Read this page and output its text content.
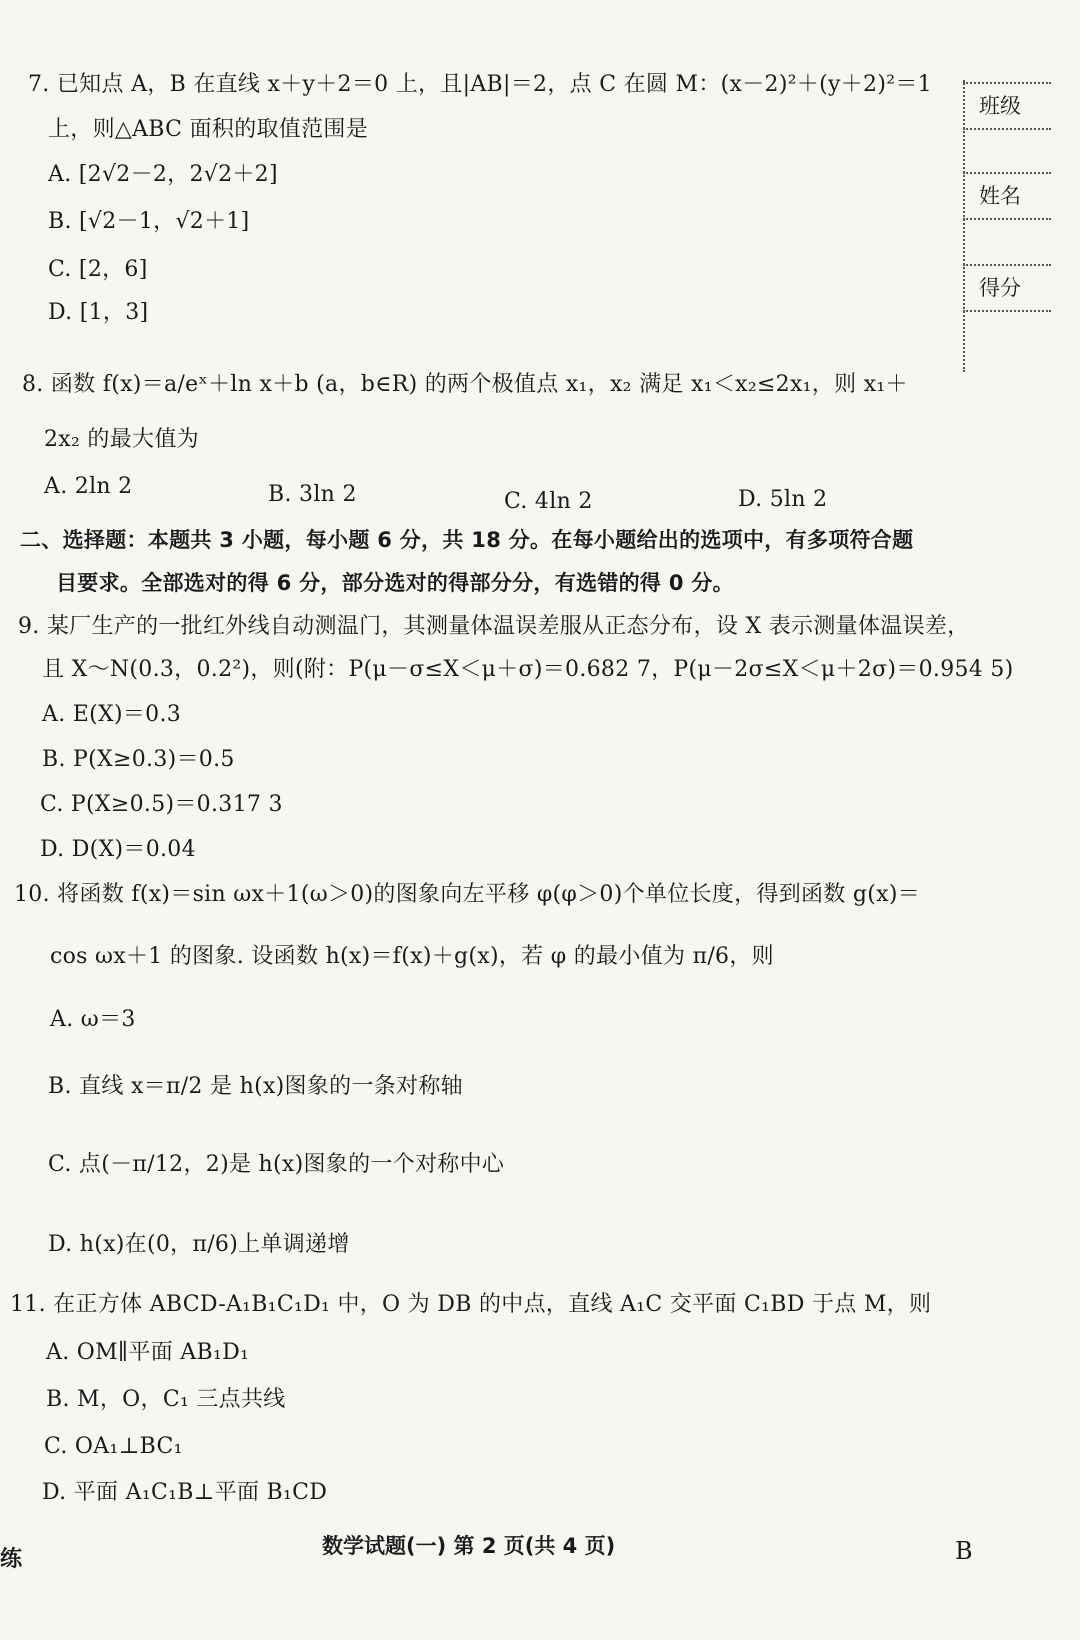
班级
姓名
得分
7. 已知点 A，B 在直线 x＋y＋2＝0 上，且|AB|＝2，点 C 在圆 M：(x－2)²＋(y＋2)²＝1
上，则△ABC 面积的取值范围是
A. [2√2－2，2√2＋2]
B. [√2－1，√2＋1]
C. [2，6]
D. [1，3]
8. 函数 f(x)＝a/eˣ＋ln x＋b (a，b∈R) 的两个极值点 x₁，x₂ 满足 x₁＜x₂≤2x₁，则 x₁＋
2x₂ 的最大值为
A. 2ln 2	B. 3ln 2	C. 4ln 2	D. 5ln 2
二、选择题：本题共 3 小题，每小题 6 分，共 18 分。在每小题给出的选项中，有多项符合题
目要求。全部选对的得 6 分，部分选对的得部分分，有选错的得 0 分。
9. 某厂生产的一批红外线自动测温门，其测量体温误差服从正态分布，设 X 表示测量体温误差，
且 X～N(0.3，0.2²)，则(附：P(μ－σ≤X＜μ＋σ)＝0.682 7，P(μ－2σ≤X＜μ＋2σ)＝0.954 5)
A. E(X)＝0.3
B. P(X≥0.3)＝0.5
C. P(X≥0.5)＝0.317 3
D. D(X)＝0.04
10. 将函数 f(x)＝sin ωx＋1(ω＞0)的图象向左平移 φ(φ＞0)个单位长度，得到函数 g(x)＝
cos ωx＋1 的图象. 设函数 h(x)＝f(x)＋g(x)，若 φ 的最小值为 π/6，则
A. ω＝3
B. 直线 x＝π/2 是 h(x)图象的一条对称轴
C. 点(－π/12，2)是 h(x)图象的一个对称中心
D. h(x)在(0，π/6)上单调递增
11. 在正方体 ABCD-A₁B₁C₁D₁ 中，O 为 DB 的中点，直线 A₁C 交平面 C₁BD 于点 M，则
A. OM∥平面 AB₁D₁
B. M，O，C₁ 三点共线
C. OA₁⊥BC₁
D. 平面 A₁C₁B⊥平面 B₁CD
练
数学试题(一) 第 2 页(共 4 页)	B
